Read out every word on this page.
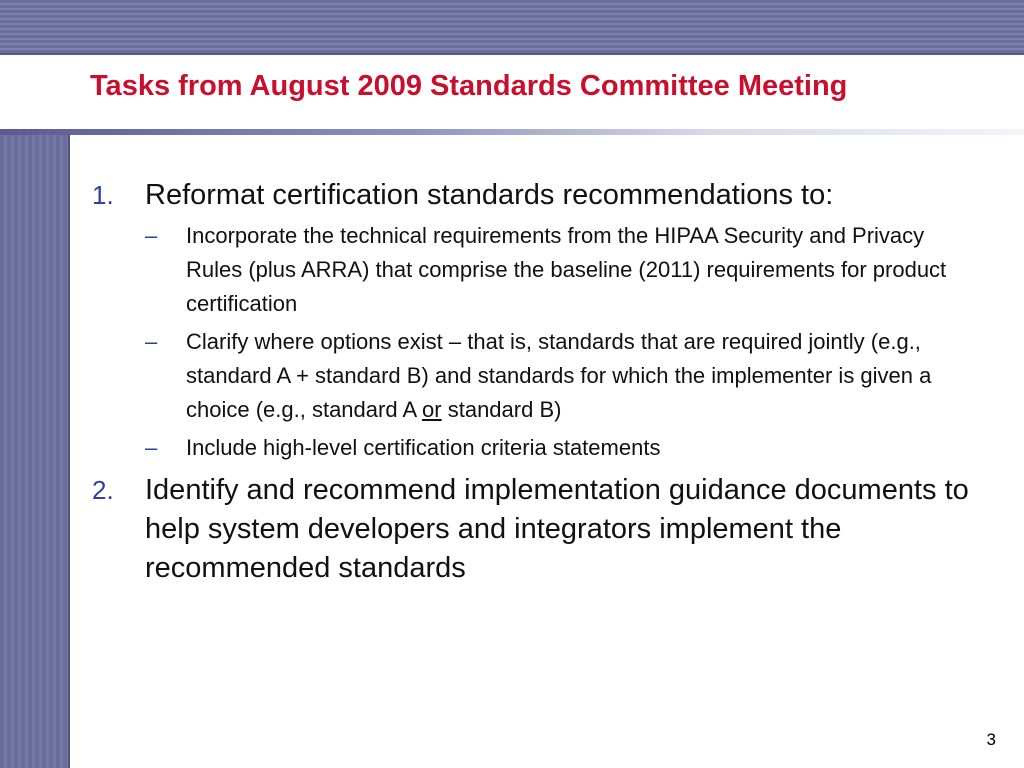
Tasks from August 2009 Standards Committee Meeting
1. Reformat certification standards recommendations to:
– Incorporate the technical requirements from the HIPAA Security and Privacy Rules (plus ARRA) that comprise the baseline (2011) requirements for product certification
– Clarify where options exist – that is, standards that are required jointly (e.g., standard A + standard B) and standards for which the implementer is given a choice (e.g., standard A or standard B)
– Include high-level certification criteria statements
2. Identify and recommend implementation guidance documents to help system developers and integrators implement the recommended standards
3
